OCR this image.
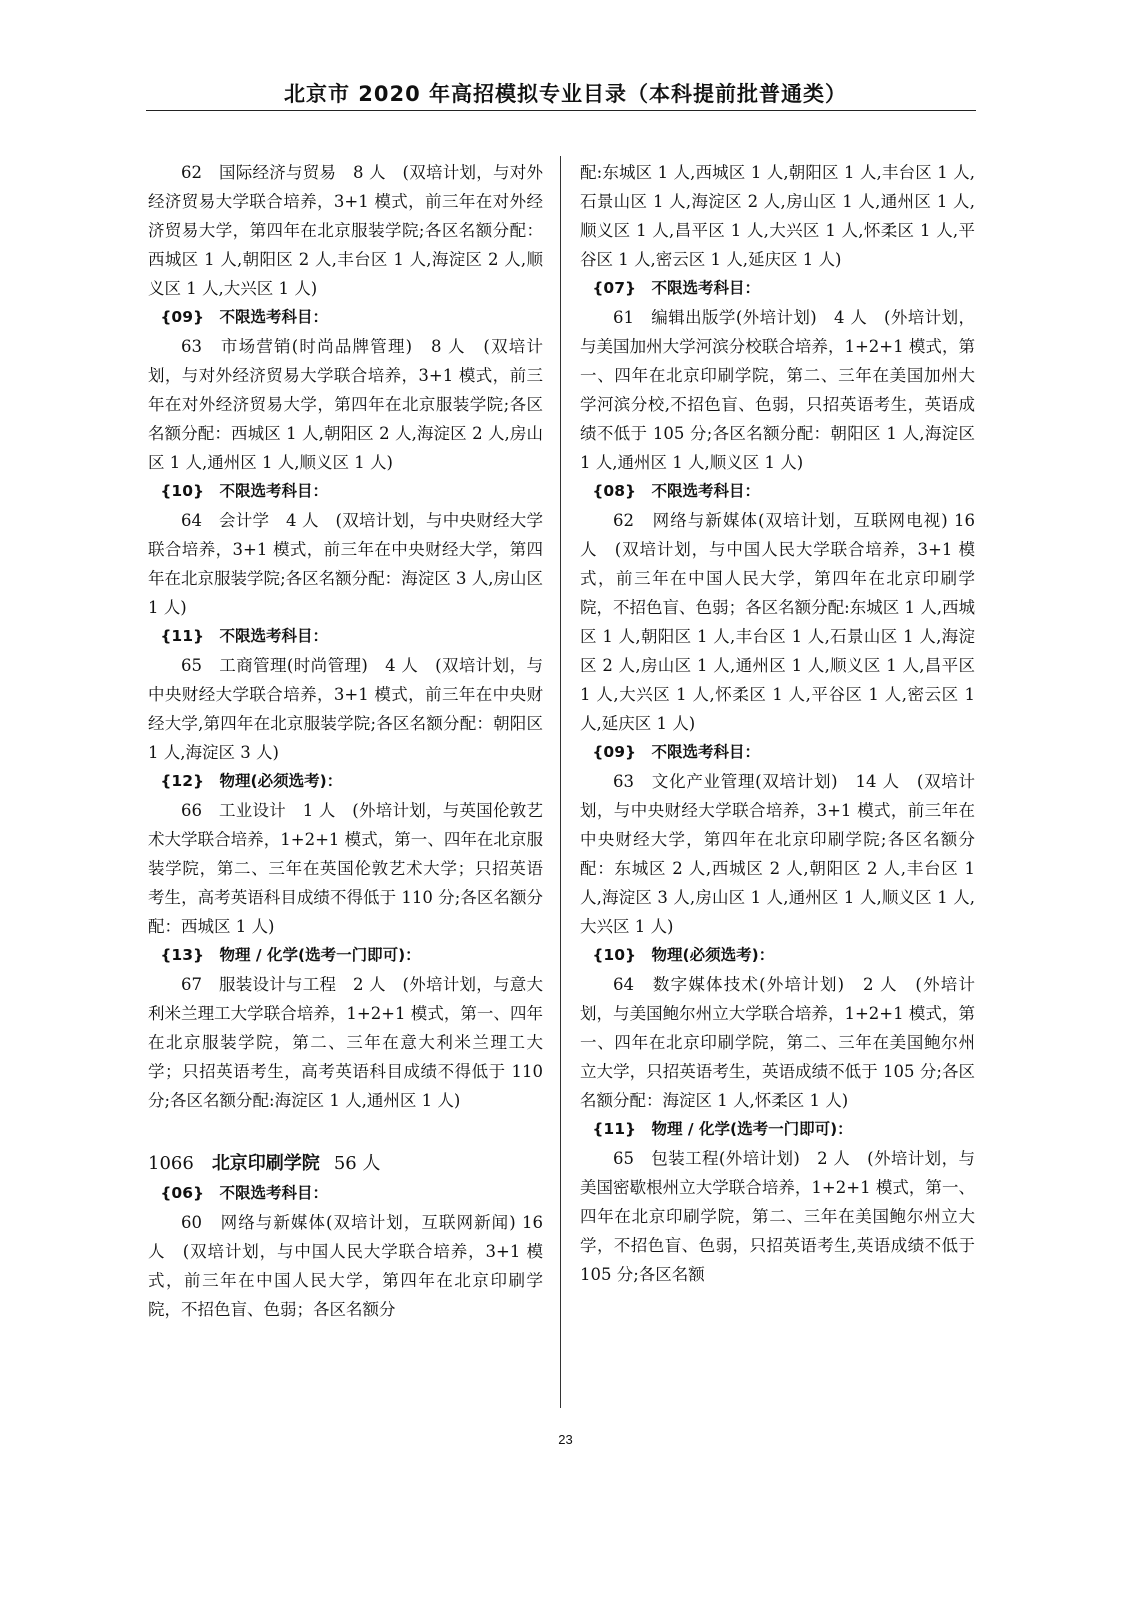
北京市 2020 年高招模拟专业目录（本科提前批普通类）

62　国际经济与贸易　8 人　(双培计划，与对外经济贸易大学联合培养，3+1 模式，前三年在对外经济贸易大学，第四年在北京服装学院;各区名额分配：西城区 1 人,朝阳区 2 人,丰台区 1 人,海淀区 2 人,顺义区 1 人,大兴区 1 人)

{09}　不限选考科目：

63　市场营销(时尚品牌管理)　8 人　(双培计划，与对外经济贸易大学联合培养，3+1 模式，前三年在对外经济贸易大学，第四年在北京服装学院;各区名额分配：西城区 1 人,朝阳区 2 人,海淀区 2 人,房山区 1 人,通州区 1 人,顺义区 1 人)

{10}　不限选考科目：

64　会计学　4 人　(双培计划，与中央财经大学联合培养，3+1 模式，前三年在中央财经大学，第四年在北京服装学院;各区名额分配：海淀区 3 人,房山区 1 人)

{11}　不限选考科目：

65　工商管理(时尚管理)　4 人　(双培计划，与中央财经大学联合培养，3+1 模式，前三年在中央财经大学,第四年在北京服装学院;各区名额分配：朝阳区 1 人,海淀区 3 人)

{12}　物理(必须选考)：

66　工业设计　1 人　(外培计划，与英国伦敦艺术大学联合培养，1+2+1 模式，第一、四年在北京服装学院，第二、三年在英国伦敦艺术大学；只招英语考生，高考英语科目成绩不得低于 110 分;各区名额分配：西城区 1 人)

{13}　物理 / 化学(选考一门即可)：

67　服装设计与工程　2 人　(外培计划，与意大利米兰理工大学联合培养，1+2+1 模式，第一、四年在北京服装学院，第二、三年在意大利米兰理工大学；只招英语考生，高考英语科目成绩不得低于 110 分;各区名额分配:海淀区 1 人,通州区 1 人)

1066 北京印刷学院 56 人

{06}　不限选考科目：

60　网络与新媒体(双培计划，互联网新闻) 16 人　(双培计划，与中国人民大学联合培养，3+1 模式，前三年在中国人民大学，第四年在北京印刷学院，不招色盲、色弱；各区名额分

配:东城区 1 人,西城区 1 人,朝阳区 1 人,丰台区 1 人,石景山区 1 人,海淀区 2 人,房山区 1 人,通州区 1 人,顺义区 1 人,昌平区 1 人,大兴区 1 人,怀柔区 1 人,平谷区 1 人,密云区 1 人,延庆区 1 人)

{07}　不限选考科目：

61　编辑出版学(外培计划)　4 人　(外培计划，与美国加州大学河滨分校联合培养，1+2+1 模式，第一、四年在北京印刷学院，第二、三年在美国加州大学河滨分校,不招色盲、色弱，只招英语考生，英语成绩不低于 105 分;各区名额分配：朝阳区 1 人,海淀区 1 人,通州区 1 人,顺义区 1 人)

{08}　不限选考科目：

62　网络与新媒体(双培计划，互联网电视) 16 人　(双培计划，与中国人民大学联合培养，3+1 模式，前三年在中国人民大学，第四年在北京印刷学院，不招色盲、色弱；各区名额分配:东城区 1 人,西城区 1 人,朝阳区 1 人,丰台区 1 人,石景山区 1 人,海淀区 2 人,房山区 1 人,通州区 1 人,顺义区 1 人,昌平区 1 人,大兴区 1 人,怀柔区 1 人,平谷区 1 人,密云区 1 人,延庆区 1 人)

{09}　不限选考科目：

63　文化产业管理(双培计划)　14 人　(双培计划，与中央财经大学联合培养，3+1 模式，前三年在中央财经大学，第四年在北京印刷学院;各区名额分配：东城区 2 人,西城区 2 人,朝阳区 2 人,丰台区 1 人,海淀区 3 人,房山区 1 人,通州区 1 人,顺义区 1 人,大兴区 1 人)

{10}　物理(必须选考)：

64　数字媒体技术(外培计划)　2 人　(外培计划，与美国鲍尔州立大学联合培养，1+2+1 模式，第一、四年在北京印刷学院，第二、三年在美国鲍尔州立大学，只招英语考生，英语成绩不低于 105 分;各区名额分配：海淀区 1 人,怀柔区 1 人)

{11}　物理 / 化学(选考一门即可)：

65　包装工程(外培计划)　2 人　(外培计划，与美国密歇根州立大学联合培养，1+2+1 模式，第一、四年在北京印刷学院，第二、三年在美国鲍尔州立大学，不招色盲、色弱，只招英语考生,英语成绩不低于 105 分;各区名额

23
